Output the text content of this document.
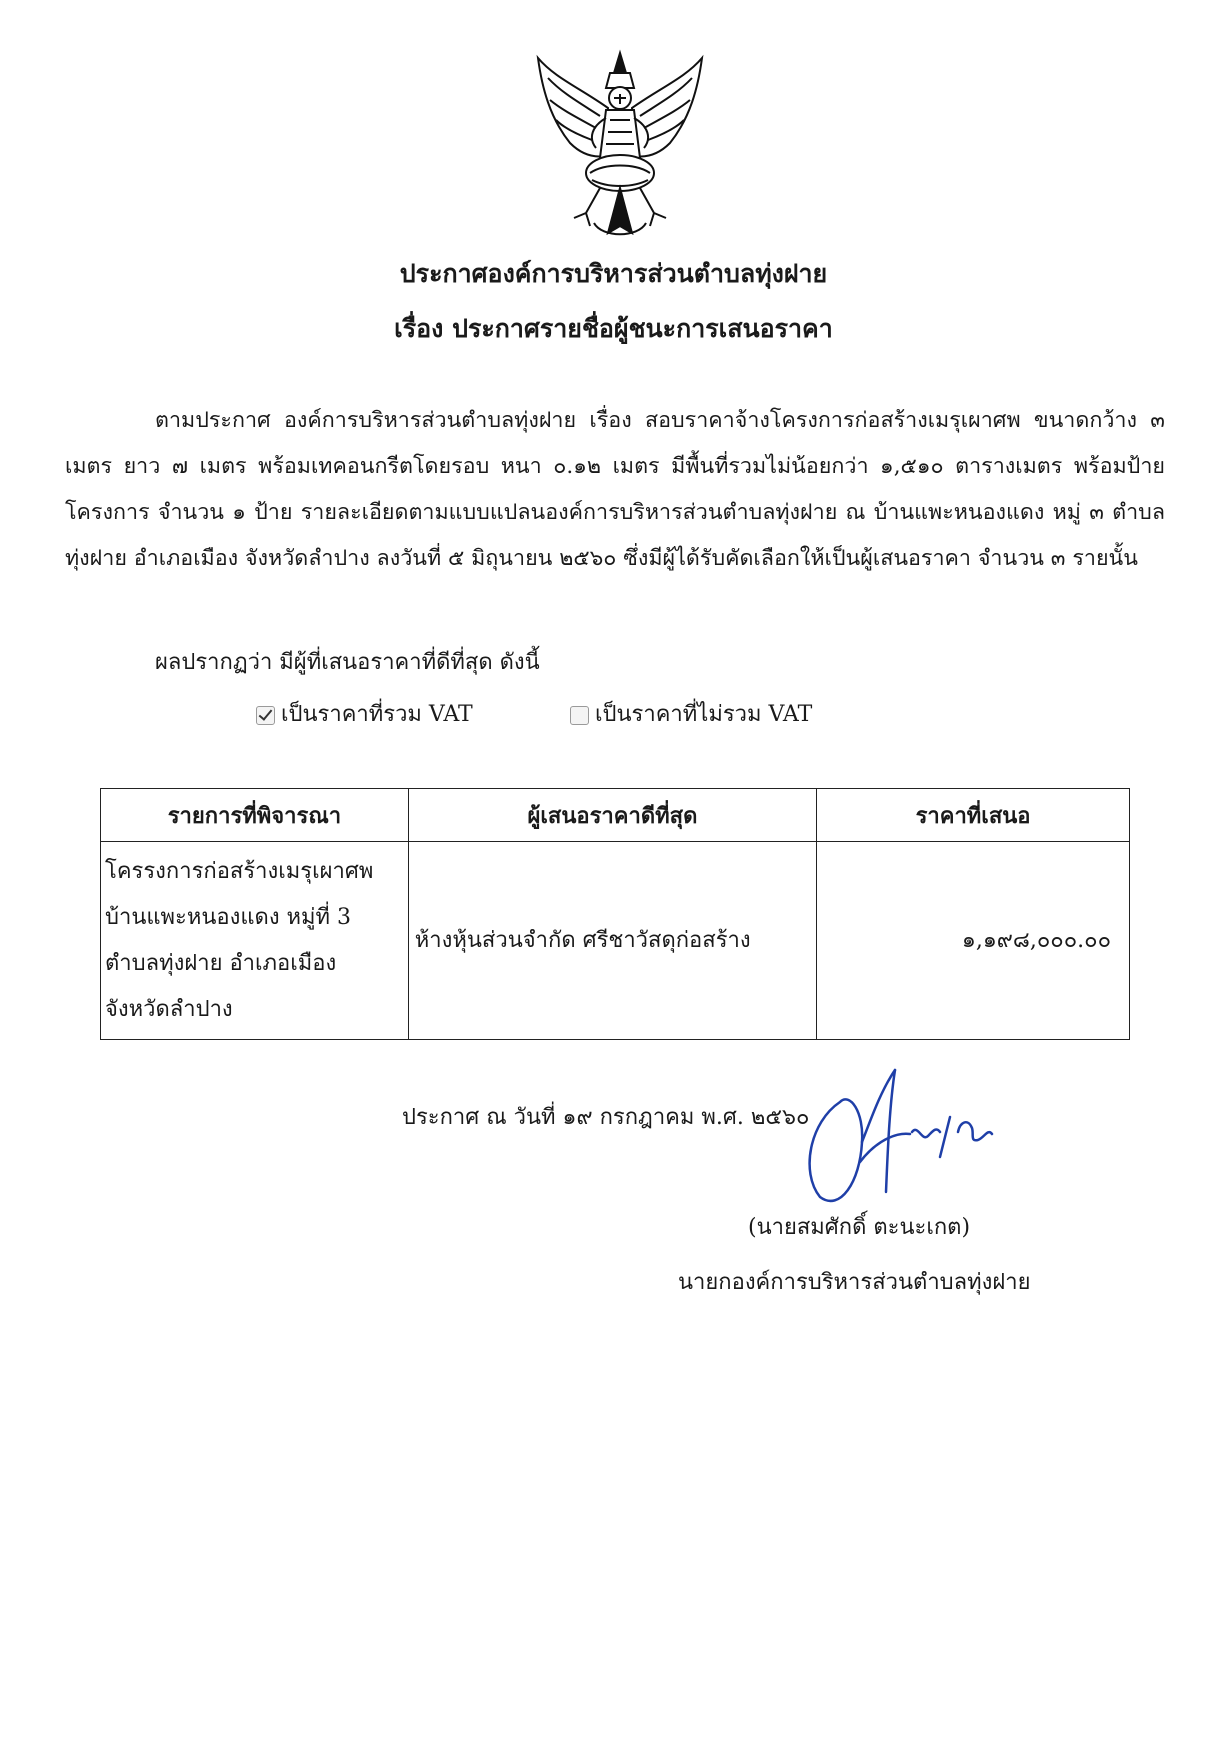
ประกาศองค์การบริหารส่วนตำบลทุ่งฝาย
เรื่อง ประกาศรายชื่อผู้ชนะการเสนอราคา
ตามประกาศ องค์การบริหารส่วนตำบลทุ่งฝาย เรื่อง สอบราคาจ้างโครงการก่อสร้างเมรุเผาศพ ขนาดกว้าง ๓ เมตร ยาว ๗ เมตร พร้อมเทคอนกรีตโดยรอบ หนา ๐.๑๒ เมตร มีพื้นที่รวมไม่น้อยกว่า ๑,๕๑๐ ตารางเมตร พร้อมป้ายโครงการ จำนวน ๑ ป้าย รายละเอียดตามแบบแปลนองค์การบริหารส่วนตำบลทุ่งฝาย ณ บ้านแพะหนองแดง หมู่ ๓ ตำบลทุ่งฝาย อำเภอเมือง จังหวัดลำปาง ลงวันที่ ๕ มิถุนายน ๒๕๖๐ ซึ่งมีผู้ได้รับคัดเลือกให้เป็นผู้เสนอราคา จำนวน ๓ รายนั้น
ผลปรากฏว่า มีผู้ที่เสนอราคาที่ดีที่สุด ดังนี้
เป็นราคาที่รวม VAT	เป็นราคาที่ไม่รวม VAT
รายการที่พิจารณา	ผู้เสนอราคาดีที่สุด	ราคาที่เสนอ

โครรงการก่อสร้างเมรุเผาศพ
บ้านแพะหนองแดง หมู่ที่ 3
ตำบลทุ่งฝาย อำเภอเมือง
จังหวัดลำปาง	ห้างหุ้นส่วนจำกัด ศรีชาวัสดุก่อสร้าง	๑,๑๙๘,๐๐๐.๐๐
ประกาศ ณ วันที่ ๑๙ กรกฎาคม พ.ศ. ๒๕๖๐
(นายสมศักดิ์ ตะนะเกต)
นายกองค์การบริหารส่วนตำบลทุ่งฝาย
